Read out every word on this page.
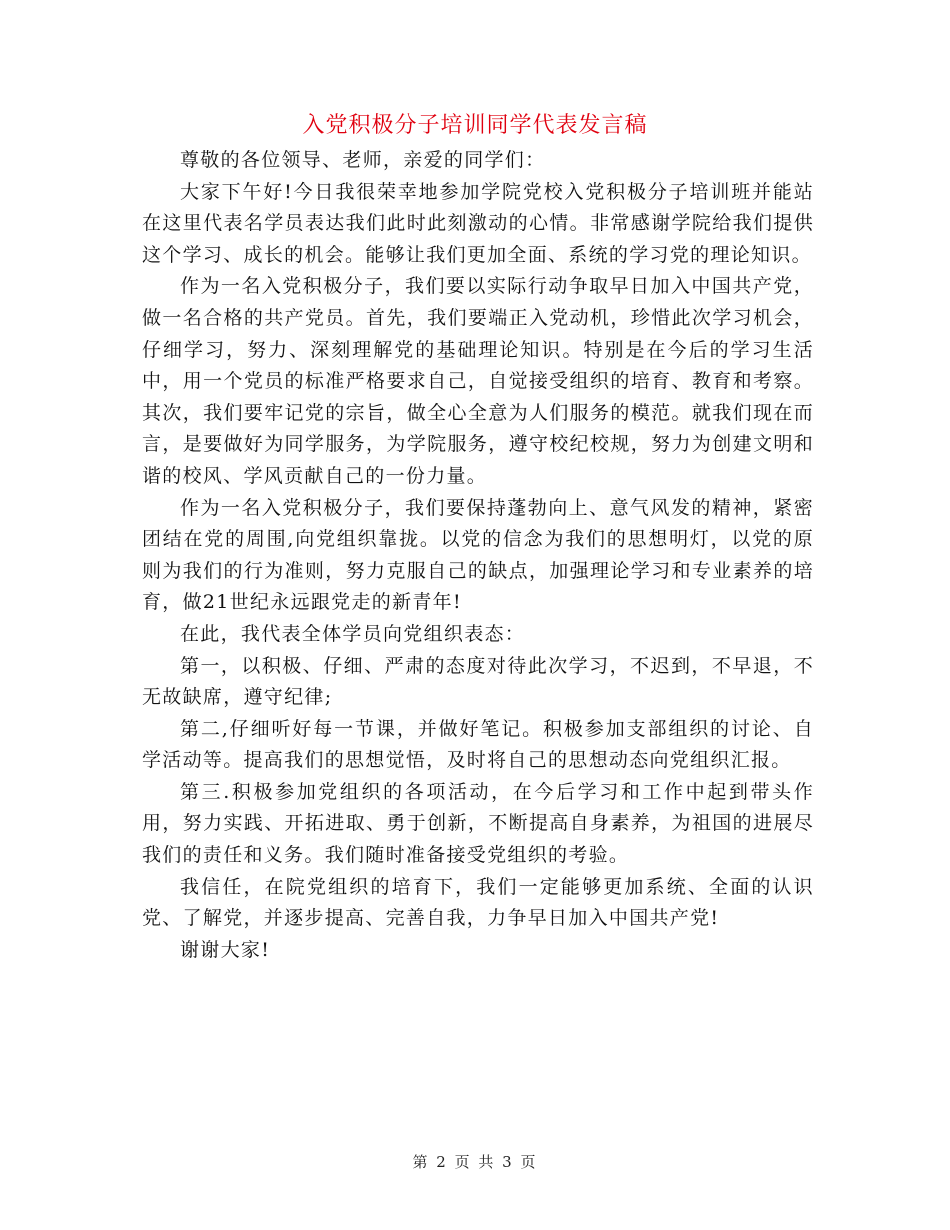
入党积极分子培训同学代表发言稿

尊敬的各位领导、老师，亲爱的同学们：

大家下午好!今日我很荣幸地参加学院党校入党积极分子培训班并能站在这里代表名学员表达我们此时此刻激动的心情。非常感谢学院给我们提供这个学习、成长的机会。能够让我们更加全面、系统的学习党的理论知识。

作为一名入党积极分子，我们要以实际行动争取早日加入中国共产党，做一名合格的共产党员。首先，我们要端正入党动机，珍惜此次学习机会，仔细学习，努力、深刻理解党的基础理论知识。特别是在今后的学习生活中，用一个党员的标准严格要求自己，自觉接受组织的培育、教育和考察。其次，我们要牢记党的宗旨，做全心全意为人们服务的模范。就我们现在而言，是要做好为同学服务，为学院服务，遵守校纪校规，努力为创建文明和谐的校风、学风贡献自己的一份力量。

作为一名入党积极分子，我们要保持蓬勃向上、意气风发的精神，紧密团结在党的周围,向党组织靠拢。以党的信念为我们的思想明灯，以党的原则为我们的行为准则，努力克服自己的缺点，加强理论学习和专业素养的培育，做21世纪永远跟党走的新青年!

在此，我代表全体学员向党组织表态：

第一，以积极、仔细、严肃的态度对待此次学习，不迟到，不早退，不无故缺席，遵守纪律;

第二,仔细听好每一节课，并做好笔记。积极参加支部组织的讨论、自学活动等。提高我们的思想觉悟，及时将自己的思想动态向党组织汇报。

第三.积极参加党组织的各项活动，在今后学习和工作中起到带头作用，努力实践、开拓进取、勇于创新，不断提高自身素养，为祖国的进展尽我们的责任和义务。我们随时准备接受党组织的考验。

我信任，在院党组织的培育下，我们一定能够更加系统、全面的认识党、了解党，并逐步提高、完善自我，力争早日加入中国共产党!

谢谢大家!

第 2 页 共 3 页
